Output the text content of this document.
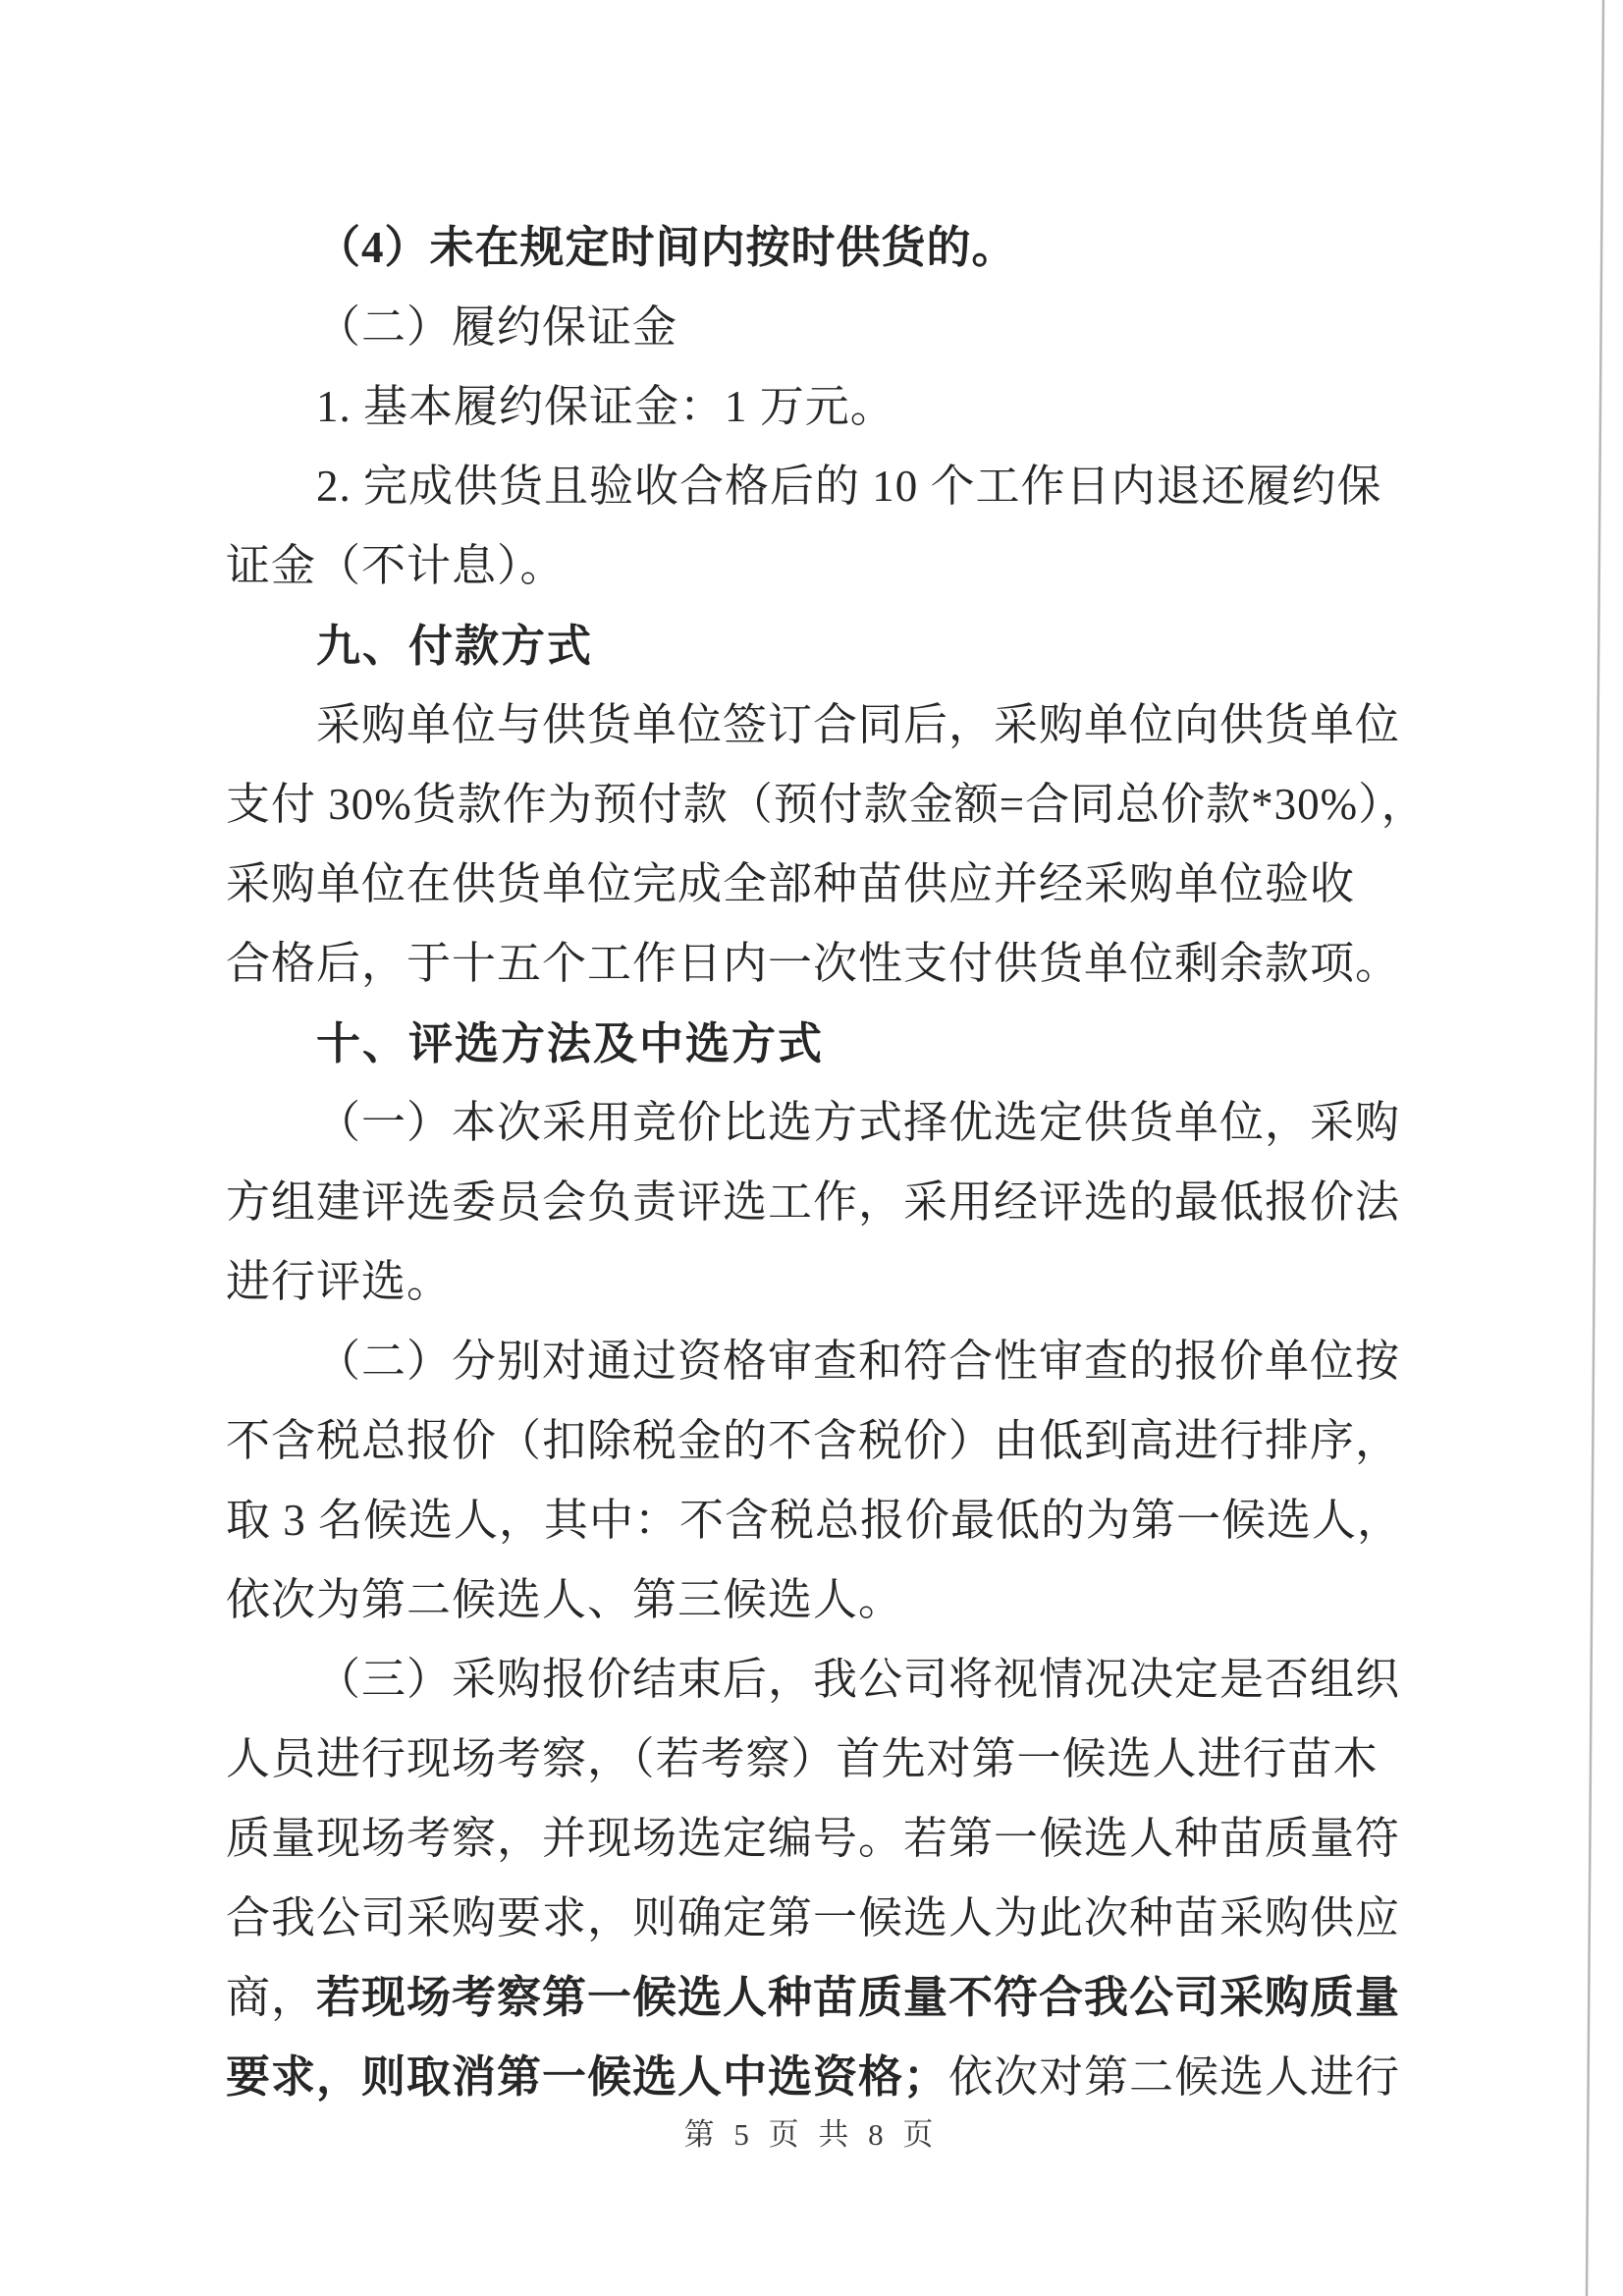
（4）未在规定时间内按时供货的。
（二）履约保证金
1. 基本履约保证金：1 万元。
2. 完成供货且验收合格后的 10 个工作日内退还履约保
证金（不计息）。
九、付款方式
采购单位与供货单位签订合同后，采购单位向供货单位
支付 30%货款作为预付款（预付款金额=合同总价款*30%），
采购单位在供货单位完成全部种苗供应并经采购单位验收
合格后，于十五个工作日内一次性支付供货单位剩余款项。
十、评选方法及中选方式
（一）本次采用竞价比选方式择优选定供货单位，采购
方组建评选委员会负责评选工作，采用经评选的最低报价法
进行评选。
（二）分别对通过资格审查和符合性审查的报价单位按
不含税总报价（扣除税金的不含税价）由低到高进行排序，
取 3 名候选人，其中：不含税总报价最低的为第一候选人，
依次为第二候选人、第三候选人。
（三）采购报价结束后，我公司将视情况决定是否组织
人员进行现场考察，（若考察）首先对第一候选人进行苗木
质量现场考察，并现场选定编号。若第一候选人种苗质量符
合我公司采购要求，则确定第一候选人为此次种苗采购供应
商，若现场考察第一候选人种苗质量不符合我公司采购质量
要求，则取消第一候选人中选资格；依次对第二候选人进行
第 5 页 共 8 页
